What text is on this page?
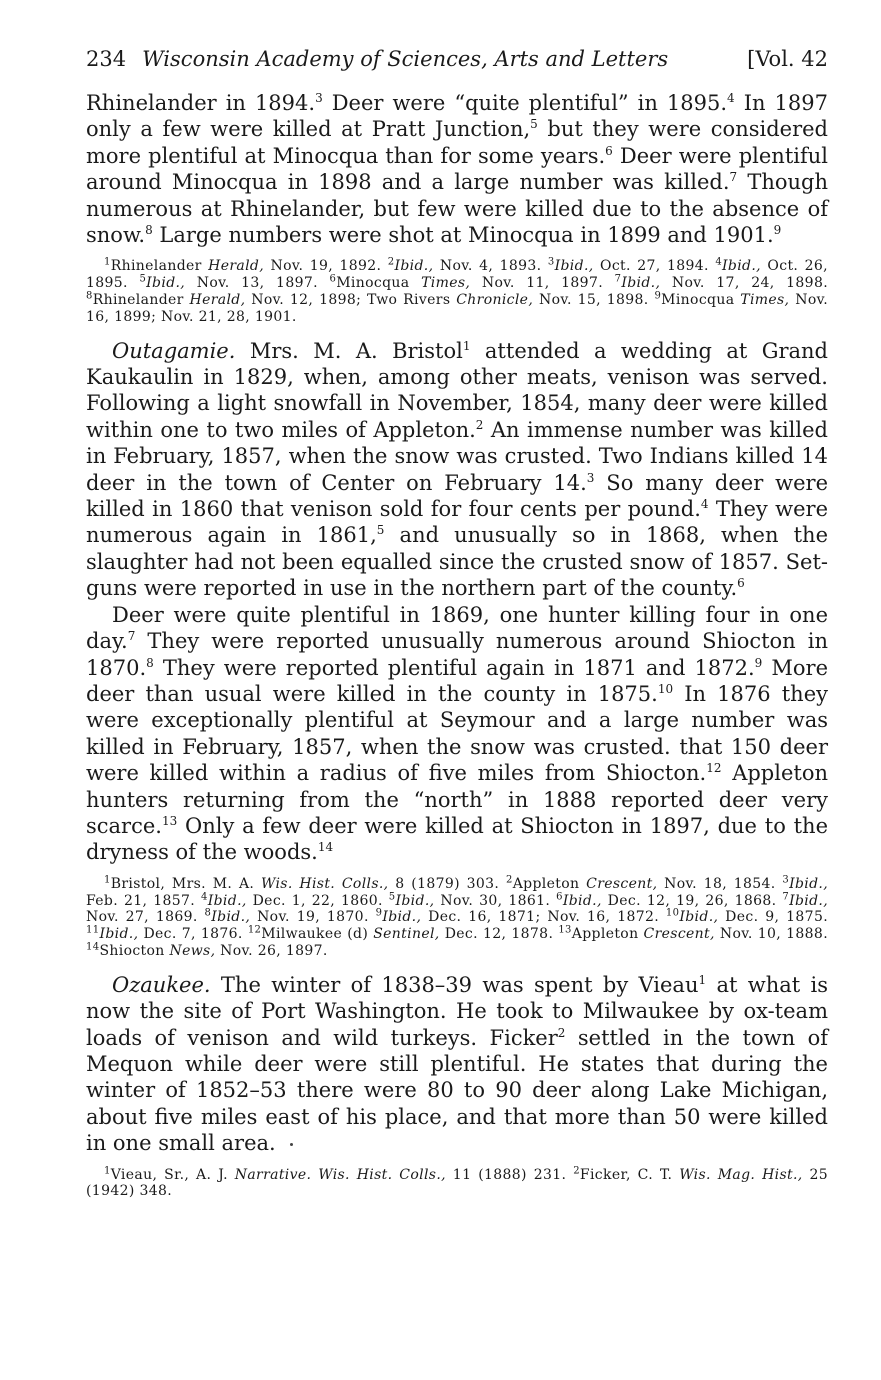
234 Wisconsin Academy of Sciences, Arts and Letters	[Vol. 42

Rhinelander in 1894.$^3$ Deer were “quite plentiful” in 1895.$^4$ In 1897 only a few were killed at Pratt Junction,$^5$ but they were considered more plentiful at Minocqua than for some years.$^6$ Deer were plentiful around Minocqua in 1898 and a large number was killed.$^7$ Though numerous at Rhinelander, but few were killed due to the absence of snow.$^8$ Large numbers were shot at Minocqua in 1899 and 1901.$^9$

$^1$Rhinelander Herald, Nov. 19, 1892. $^2$Ibid., Nov. 4, 1893. $^3$Ibid., Oct. 27, 1894. $^4$Ibid., Oct. 26, 1895. $^5$Ibid., Nov. 13, 1897. $^6$Minocqua Times, Nov. 11, 1897. $^7$Ibid., Nov. 17, 24, 1898. $^8$Rhinelander Herald, Nov. 12, 1898; Two Rivers Chronicle, Nov. 15, 1898. $^9$Minocqua Times, Nov. 16, 1899; Nov. 21, 28, 1901.

Outagamie. Mrs. M. A. Bristol$^1$ attended a wedding at Grand Kaukaulin in 1829, when, among other meats, venison was served. Following a light snowfall in November, 1854, many deer were killed within one to two miles of Appleton.$^2$ An immense number was killed in February, 1857, when the snow was crusted. Two Indians killed 14 deer in the town of Center on February 14.$^3$ So many deer were killed in 1860 that venison sold for four cents per pound.$^4$ They were numerous again in 1861,$^5$ and unusually so in 1868, when the slaughter had not been equalled since the crusted snow of 1857. Set-guns were reported in use in the northern part of the county.$^6$

Deer were quite plentiful in 1869, one hunter killing four in one day.$^7$ They were reported unusually numerous around Shiocton in 1870.$^8$ They were reported plentiful again in 1871 and 1872.$^9$ More deer than usual were killed in the county in 1875.10 In 1876 they were exceptionally plentiful at Seymour and a large number was killed in February, 1857, when the snow was crusted. that 150 deer were killed within a radius of five miles from Shiocton.$^{12}$ Appleton hunters returning from the “north” in 1888 reported deer very scarce.$^{13}$ Only a few deer were killed at Shiocton in 1897, due to the dryness of the woods.$^{14}$

$^1$Bristol, Mrs. M. A. Wis. Hist. Colls., 8 (1879) 303. $^2$Appleton Crescent, Nov. 18, 1854. $^3$Ibid., Feb. 21, 1857. $^4$Ibid., Dec. 1, 22, 1860. $^5$Ibid., Nov. 30, 1861. $^6$Ibid., Dec. 12, 19, 26, 1868. $^7$Ibid., Nov. 27, 1869. $^8$Ibid., Nov. 19, 1870. $^9$Ibid., Dec. 16, 1871; Nov. 16, 1872. $^{10}$Ibid., Dec. 9, 1875. $^{11}$Ibid., Dec. 7, 1876. $^{12}$Milwaukee (d) Sentinel, Dec. 12, 1878. $^{13}$Appleton Crescent, Nov. 10, 1888. $^{14}$Shiocton News, Nov. 26, 1897.

Ozaukee. The winter of 1838–39 was spent by Vieau$^1$ at what is now the site of Port Washington. He took to Milwaukee by ox-team loads of venison and wild turkeys. Ficker$^2$ settled in the town of Mequon while deer were still plentiful. He states that during the winter of 1852–53 there were 80 to 90 deer along Lake Michigan, about five miles east of his place, and that more than 50 were killed in one small area.

$^1$Vieau, Sr., A. J. Narrative. Wis. Hist. Colls., 11 (1888) 231. $^2$Ficker, C. T. Wis. Mag. Hist., 25 (1942) 348.
